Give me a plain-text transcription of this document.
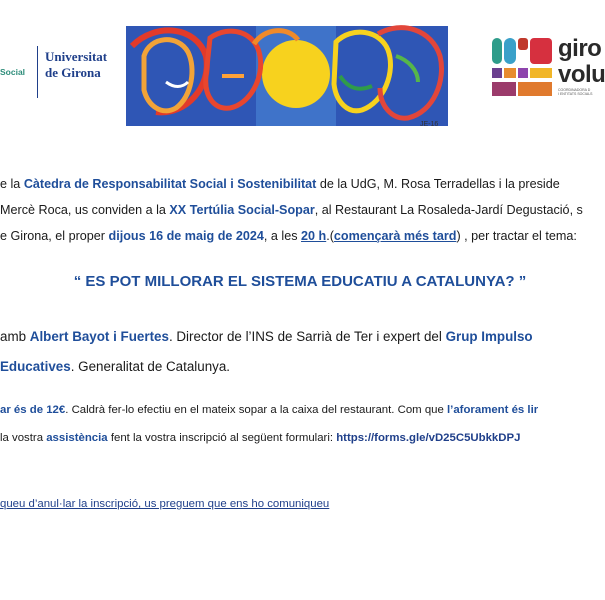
Social
Universitat
de Girona
JE-16
giro
volu
COORDINADORA D
I ENTITATS SOCIALS
e la Càtedra de Responsabilitat Social i Sostenibilitat de la UdG, M. Rosa Terradellas i la preside
Mercè Roca, us conviden a la XX Tertúlia Social-Sopar, al Restaurant La Rosaleda-Jardí Degustació, s
e Girona, el proper dijous 16 de maig de 2024, a les 20 h.(començarà més tard) , per tractar el tema:
“ ES POT MILLORAR EL SISTEMA EDUCATIU A CATALUNYA? ”
amb Albert Bayot i Fuertes. Director de l’INS de Sarrià de Ter i expert del Grup Impulso
Educatives. Generalitat de Catalunya.
ar és de 12€. Caldrà fer-lo efectiu en el mateix sopar a la caixa del restaurant. Com que l’aforament és lir
la vostra assistència fent la vostra inscripció al següent formulari: https://forms.gle/vD25C5UbkkDPJ
queu d’anul·lar la inscripció, us preguem que ens ho comuniqueu
